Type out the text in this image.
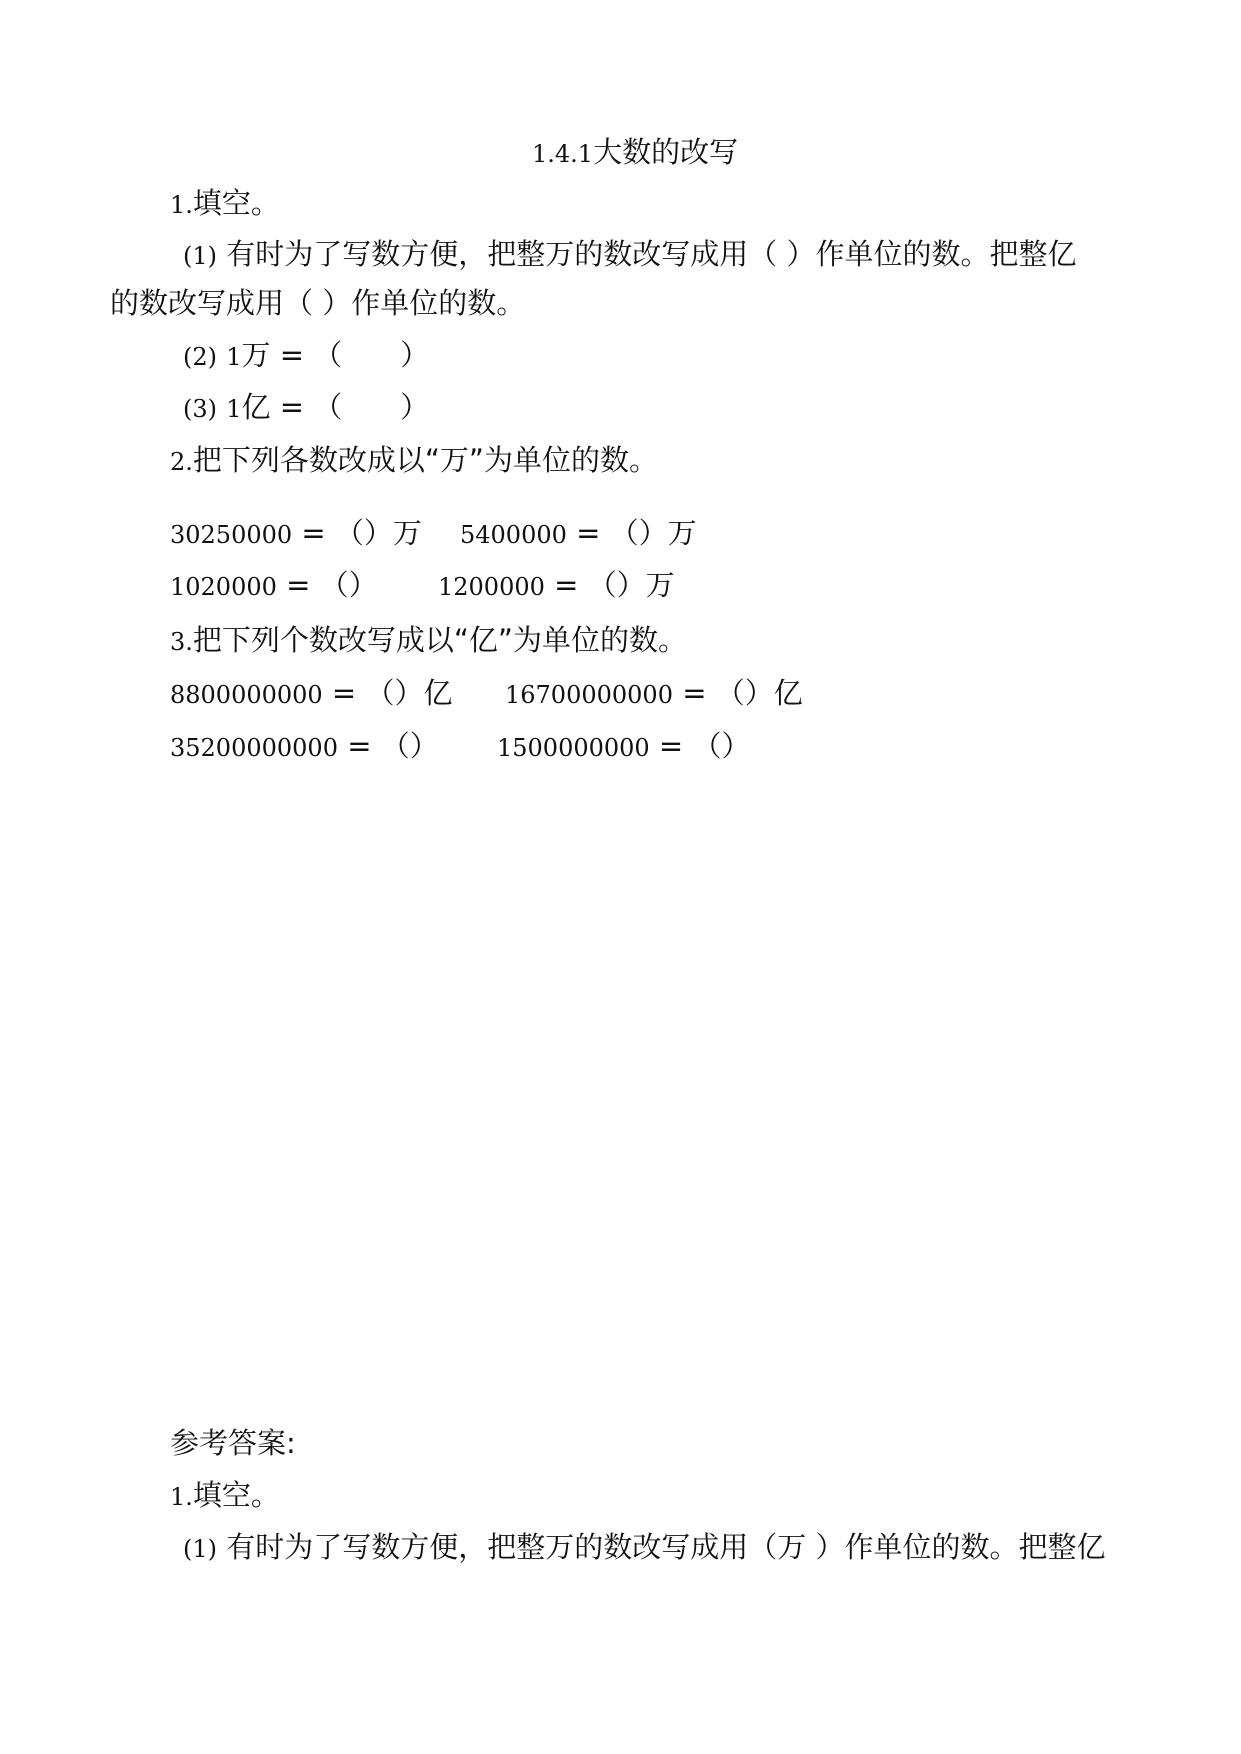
1.4.1大数的改写
1.填空。
(1) 有时为了写数方便，把整万的数改写成用（ ）作单位的数。把整亿
的数改写成用（ ）作单位的数。
(2) 1万 = （　　）
(3) 1亿 = （　　）
2.把下列各数改成以“万”为单位的数。
30250000 = （）万 5400000 = （）万
1020000 = （）	1200000 = （）万
3.把下列个数改写成以“亿”为单位的数。
8800000000 = （）亿 16700000000 = （）亿
35200000000 = （） 1500000000 = （）
参考答案:
1.填空。
(1) 有时为了写数方便，把整万的数改写成用（万 ）作单位的数。把整亿
